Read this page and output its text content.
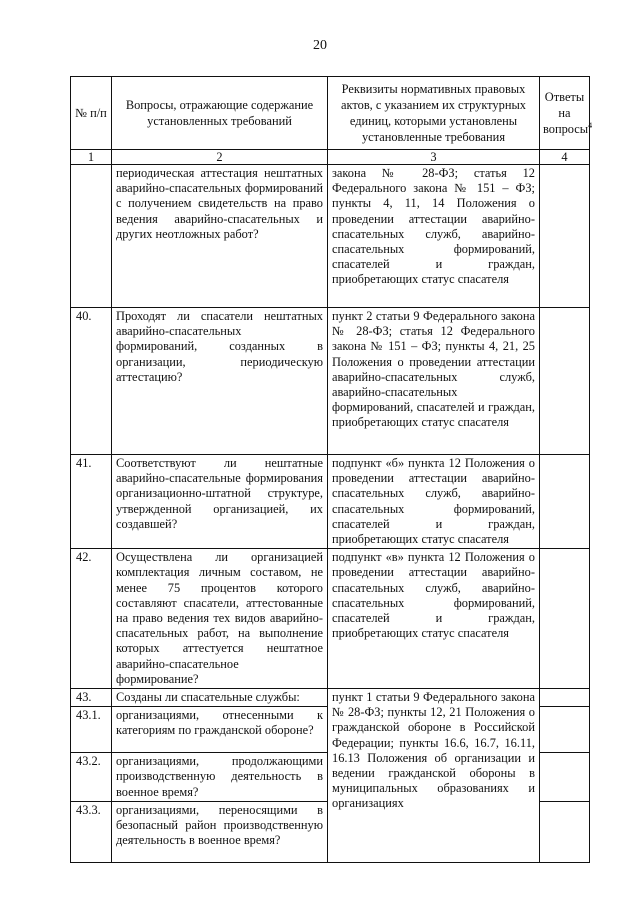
20
№ п/п	Вопросы, отражающие содержание установленных требований	Реквизиты нормативных правовых актов, с указанием их структурных единиц, которыми установлены установленные требования	Ответы на вопросы$^4$
1	2	3	4
	периодическая аттестация нештатных аварийно-спасательных формирований с получением свидетельств на право ведения аварийно-спасательных и других неотложных работ?	закона № 28-ФЗ; статья 12 Федерального закона № 151 – ФЗ; пункты 4, 11, 14 Положения о проведении аттестации аварийно-спасательных служб, аварийно-спасательных формирований, спасателей и граждан, приобретающих статус спасателя	
40.	Проходят ли спасатели нештатных аварийно-спасательных формирований, созданных в организации, периодическую аттестацию?	пункт 2 статьи 9 Федерального закона № 28-ФЗ; статья 12 Федерального закона № 151 – ФЗ; пункты 4, 21, 25 Положения о проведении аттестации аварийно-спасательных служб, аварийно-спасательных формирований, спасателей и граждан, приобретающих статус спасателя	
41.	Соответствуют ли нештатные аварийно-спасательные формирования организационно-штатной структуре, утвержденной организацией, их создавшей?	подпункт «б» пункта 12 Положения о проведении аттестации аварийно-спасательных служб, аварийно-спасательных формирований, спасателей и граждан, приобретающих статус спасателя	
42.	Осуществлена ли организацией комплектация личным составом, не менее 75 процентов которого составляют спасатели, аттестованные на право ведения тех видов аварийно-спасательных работ, на выполнение которых аттестуется нештатное аварийно-спасательное формирование?	подпункт «в» пункта 12 Положения о проведении аттестации аварийно-спасательных служб, аварийно-спасательных формирований, спасателей и граждан, приобретающих статус спасателя	
43.	Созданы ли спасательные службы:	пункт 1 статьи 9 Федерального закона № 28-ФЗ; пункты 12, 21 Положения о гражданской обороне в Российской Федерации; пункты 16.6, 16.7, 16.11, 16.13 Положения об организации и ведении гражданской обороны в муниципальных образованиях и организациях	
43.1.	организациями, отнесенными к категориям по гражданской обороне?		
43.2.	организациями, продолжающими производственную деятельность в военное время?		
43.3.	организациями, переносящими в безопасный район производственную деятельность в военное время?		
